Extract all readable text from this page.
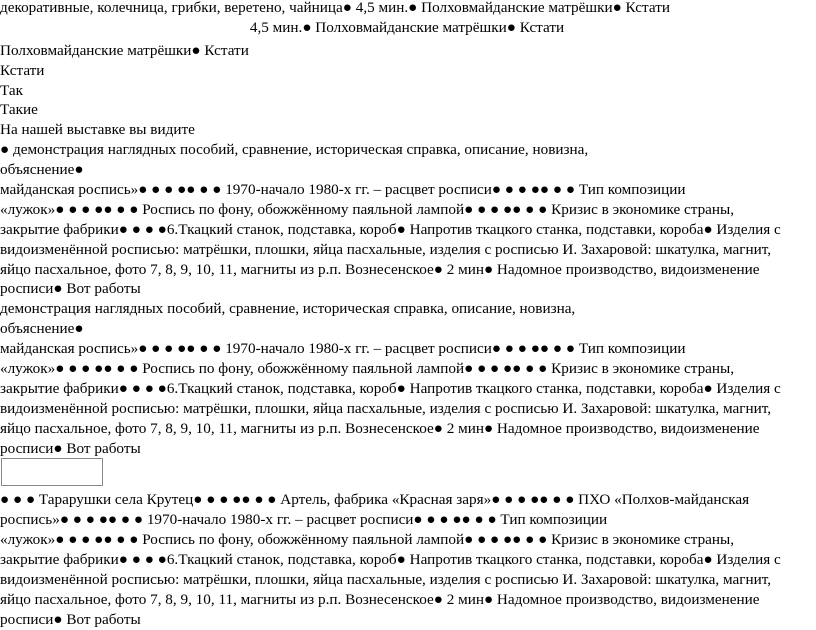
декоративные, колечница, грибки, веретено, чайница● 4,5 мин.● Полховмайданские матрёшки● Кстати
4,5 мин.● Полховмайданские матрёшки● Кстати
Полховмайданские матрёшки● Кстати
Кстати
Так
Такие
На нашей выставке вы видите
● демонстрация наглядных пособий, сравнение, историческая справка, описание, новизна,
объяснение●
майданская роспись»● ● ● ●● ● ● 1970-начало 1980-х гг. – расцвет росписи● ● ● ●● ● ● Тип композиции
«лужок»● ● ● ●● ● ● Роспись по фону, обожжённому паяльной лампой● ● ● ●● ● ● Кризис в экономике страны,
закрытие фабрики● ● ● ●6.Ткацкий станок, подставка, короб● Напротив ткацкого станка, подставки, короба● Изделия с
видоизменённой росписью: матрёшки, плошки, яйца пасхальные, изделия с росписью И. Захаровой: шкатулка, магнит,
яйцо пасхальное, фото 7, 8, 9, 10, 11, магниты из р.п. Вознесенское● 2 мин● Надомное производство, видоизменение
росписи● Вот работы
демонстрация наглядных пособий, сравнение, историческая справка, описание, новизна,
объяснение●
майданская роспись»● ● ● ●● ● ● 1970-начало 1980-х гг. – расцвет росписи● ● ● ●● ● ● Тип композиции
«лужок»● ● ● ●● ● ● Роспись по фону, обожжённому паяльной лампой● ● ● ●● ● ● Кризис в экономике страны,
закрытие фабрики● ● ● ●6.Ткацкий станок, подставка, короб● Напротив ткацкого станка, подставки, короба● Изделия с
видоизменённой росписью: матрёшки, плошки, яйца пасхальные, изделия с росписью И. Захаровой: шкатулка, магнит,
яйцо пасхальное, фото 7, 8, 9, 10, 11, магниты из р.п. Вознесенское● 2 мин● Надомное производство, видоизменение
росписи● Вот работы
● ● ● Тарарушки села Крутец● ● ● ●● ● ● Артель, фабрика «Красная заря»● ● ● ●● ● ● ПХО «Полхов-майданская
роспись»● ● ● ●● ● ● 1970-начало 1980-х гг. – расцвет росписи● ● ● ●● ● ● Тип композиции
«лужок»● ● ● ●● ● ● Роспись по фону, обожжённому паяльной лампой● ● ● ●● ● ● Кризис в экономике страны,
закрытие фабрики● ● ● ●6.Ткацкий станок, подставка, короб● Напротив ткацкого станка, подставки, короба● Изделия с
видоизменённой росписью: матрёшки, плошки, яйца пасхальные, изделия с росписью И. Захаровой: шкатулка, магнит,
яйцо пасхальное, фото 7, 8, 9, 10, 11, магниты из р.п. Вознесенское● 2 мин● Надомное производство, видоизменение
росписи● Вот работы
